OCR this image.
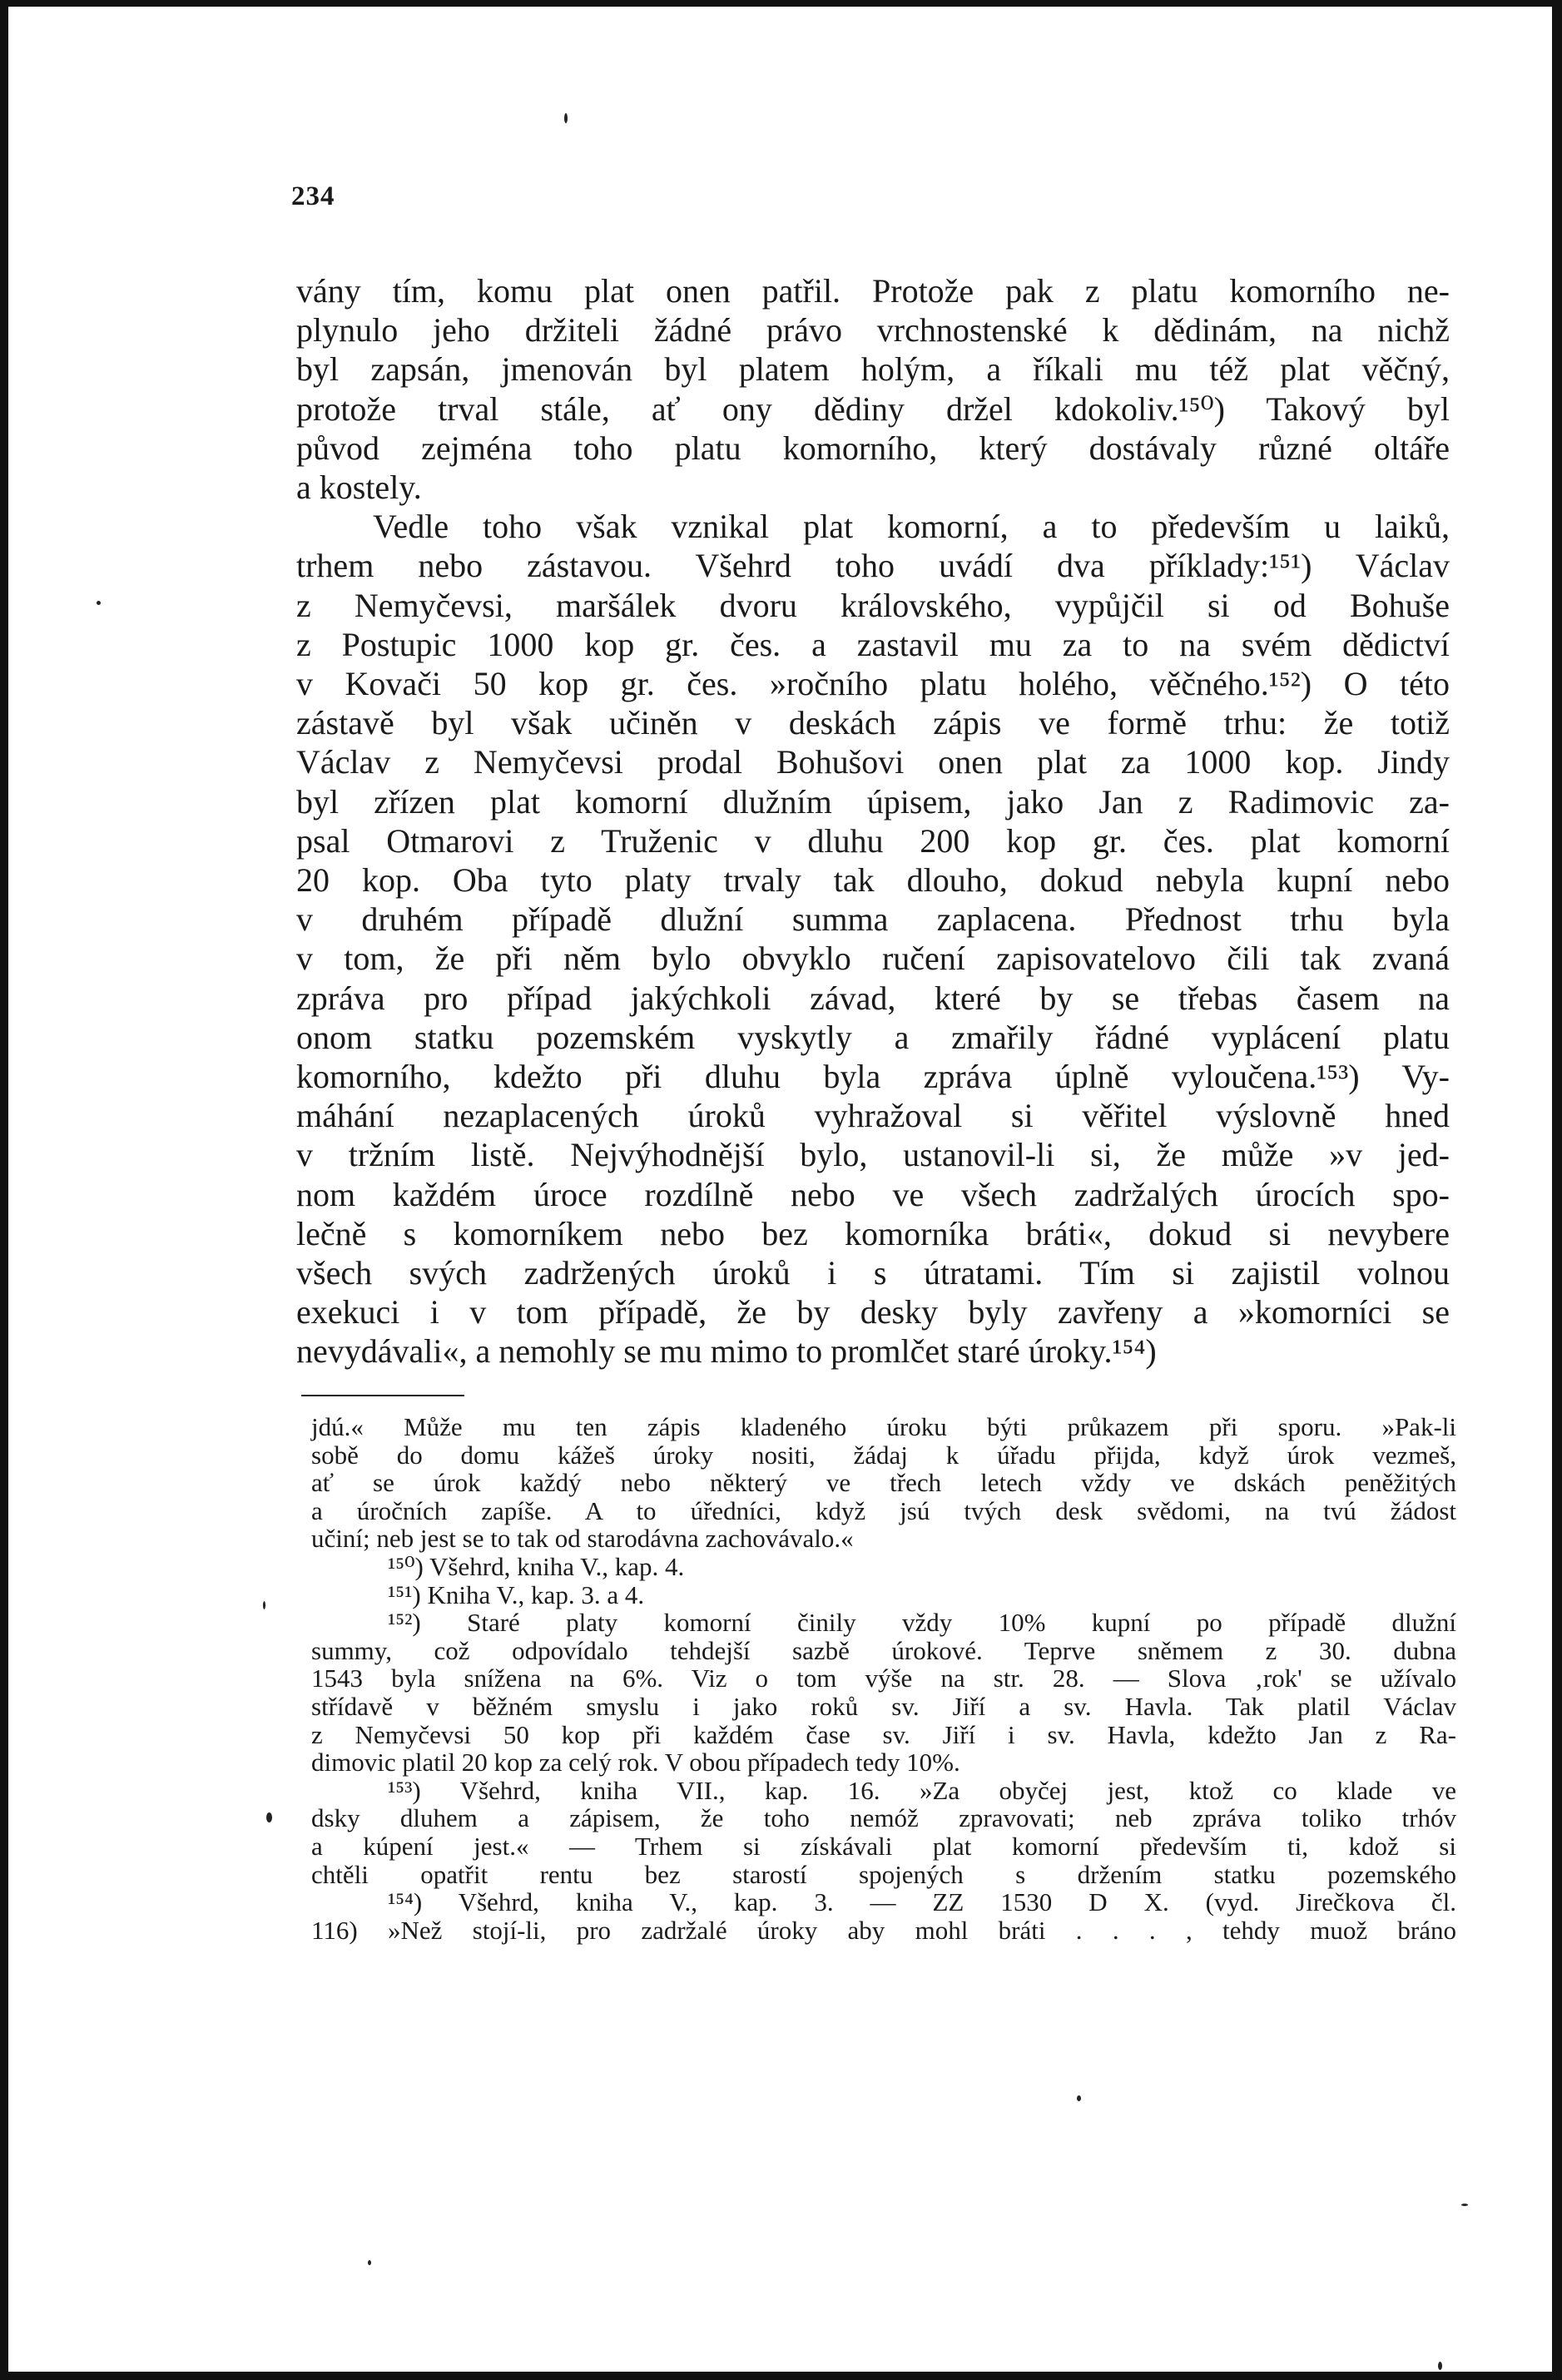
234
vány tím, komu plat onen patřil. Protože pak z platu komorního ne-
plynulo jeho držiteli žádné právo vrchnostenské k dědinám, na nichž
byl zapsán, jmenován byl platem holým, a říkali mu též plat věčný,
protože trval stále, ať ony dědiny držel kdokoliv.¹⁵⁰) Takový byl
původ zejména toho platu komorního, který dostávaly různé oltáře
a kostely.
Vedle toho však vznikal plat komorní, a to především u laiků,
trhem nebo zástavou. Všehrd toho uvádí dva příklady:¹⁵¹) Václav
z Nemyčevsi, maršálek dvoru královského, vypůjčil si od Bohuše
z Postupic 1000 kop gr. čes. a zastavil mu za to na svém dědictví
v Kovači 50 kop gr. čes. »ročního platu holého, věčného.¹⁵²) O této
zástavě byl však učiněn v deskách zápis ve formě trhu: že totiž
Václav z Nemyčevsi prodal Bohušovi onen plat za 1000 kop. Jindy
byl zřízen plat komorní dlužním úpisem, jako Jan z Radimovic za-
psal Otmarovi z Truženic v dluhu 200 kop gr. čes. plat komorní
20 kop. Oba tyto platy trvaly tak dlouho, dokud nebyla kupní nebo
v druhém případě dlužní summa zaplacena. Přednost trhu byla
v tom, že při něm bylo obvyklo ručení zapisovatelovo čili tak zvaná
zpráva pro případ jakýchkoli závad, které by se třebas časem na
onom statku pozemském vyskytly a zmařily řádné vyplácení platu
komorního, kdežto při dluhu byla zpráva úplně vyloučena.¹⁵³) Vy-
máhání nezaplacených úroků vyhražoval si věřitel výslovně hned
v tržním listě. Nejvýhodnější bylo, ustanovil-li si, že může »v jed-
nom každém úroce rozdílně nebo ve všech zadržalých úrocích spo-
lečně s komorníkem nebo bez komorníka bráti«, dokud si nevybere
všech svých zadržených úroků i s útratami. Tím si zajistil volnou
exekuci i v tom případě, že by desky byly zavřeny a »komorníci se
nevydávali«, a nemohly se mu mimo to promlčet staré úroky.¹⁵⁴)
jdú.« Může mu ten zápis kladeného úroku býti průkazem při sporu. »Pak-li
sobě do domu kážeš úroky nositi, žádaj k úřadu přijda, když úrok vezmeš,
ať se úrok každý nebo některý ve třech letech vždy ve dskách peněžitých
a úročních zapíše. A to úředníci, když jsú tvých desk svědomi, na tvú žádost
učiní; neb jest se to tak od starodávna zachovávalo.«
¹⁵⁰) Všehrd, kniha V., kap. 4.
¹⁵¹) Kniha V., kap. 3. a 4.
¹⁵²) Staré platy komorní činily vždy 10% kupní po případě dlužní
summy, což odpovídalo tehdejší sazbě úrokové. Teprve sněmem z 30. dubna
1543 byla snížena na 6%. Viz o tom výše na str. 28. — Slova ‚rok' se užívalo
střídavě v běžném smyslu i jako roků sv. Jiří a sv. Havla. Tak platil Václav
z Nemyčevsi 50 kop při každém čase sv. Jiří i sv. Havla, kdežto Jan z Ra-
dimovic platil 20 kop za celý rok. V obou případech tedy 10%.
¹⁵³) Všehrd, kniha VII., kap. 16. »Za obyčej jest, ktož co klade ve
dsky dluhem a zápisem, že toho nemóž zpravovati; neb zpráva toliko trhóv
a kúpení jest.« — Trhem si získávali plat komorní především ti, kdož si
chtěli opatřit rentu bez starostí spojených s držením statku pozemského
¹⁵⁴) Všehrd, kniha V., kap. 3. — ZZ 1530 D X. (vyd. Jirečkova čl.
116) »Než stojí-li, pro zadržalé úroky aby mohl bráti . . . , tehdy muož bráno
